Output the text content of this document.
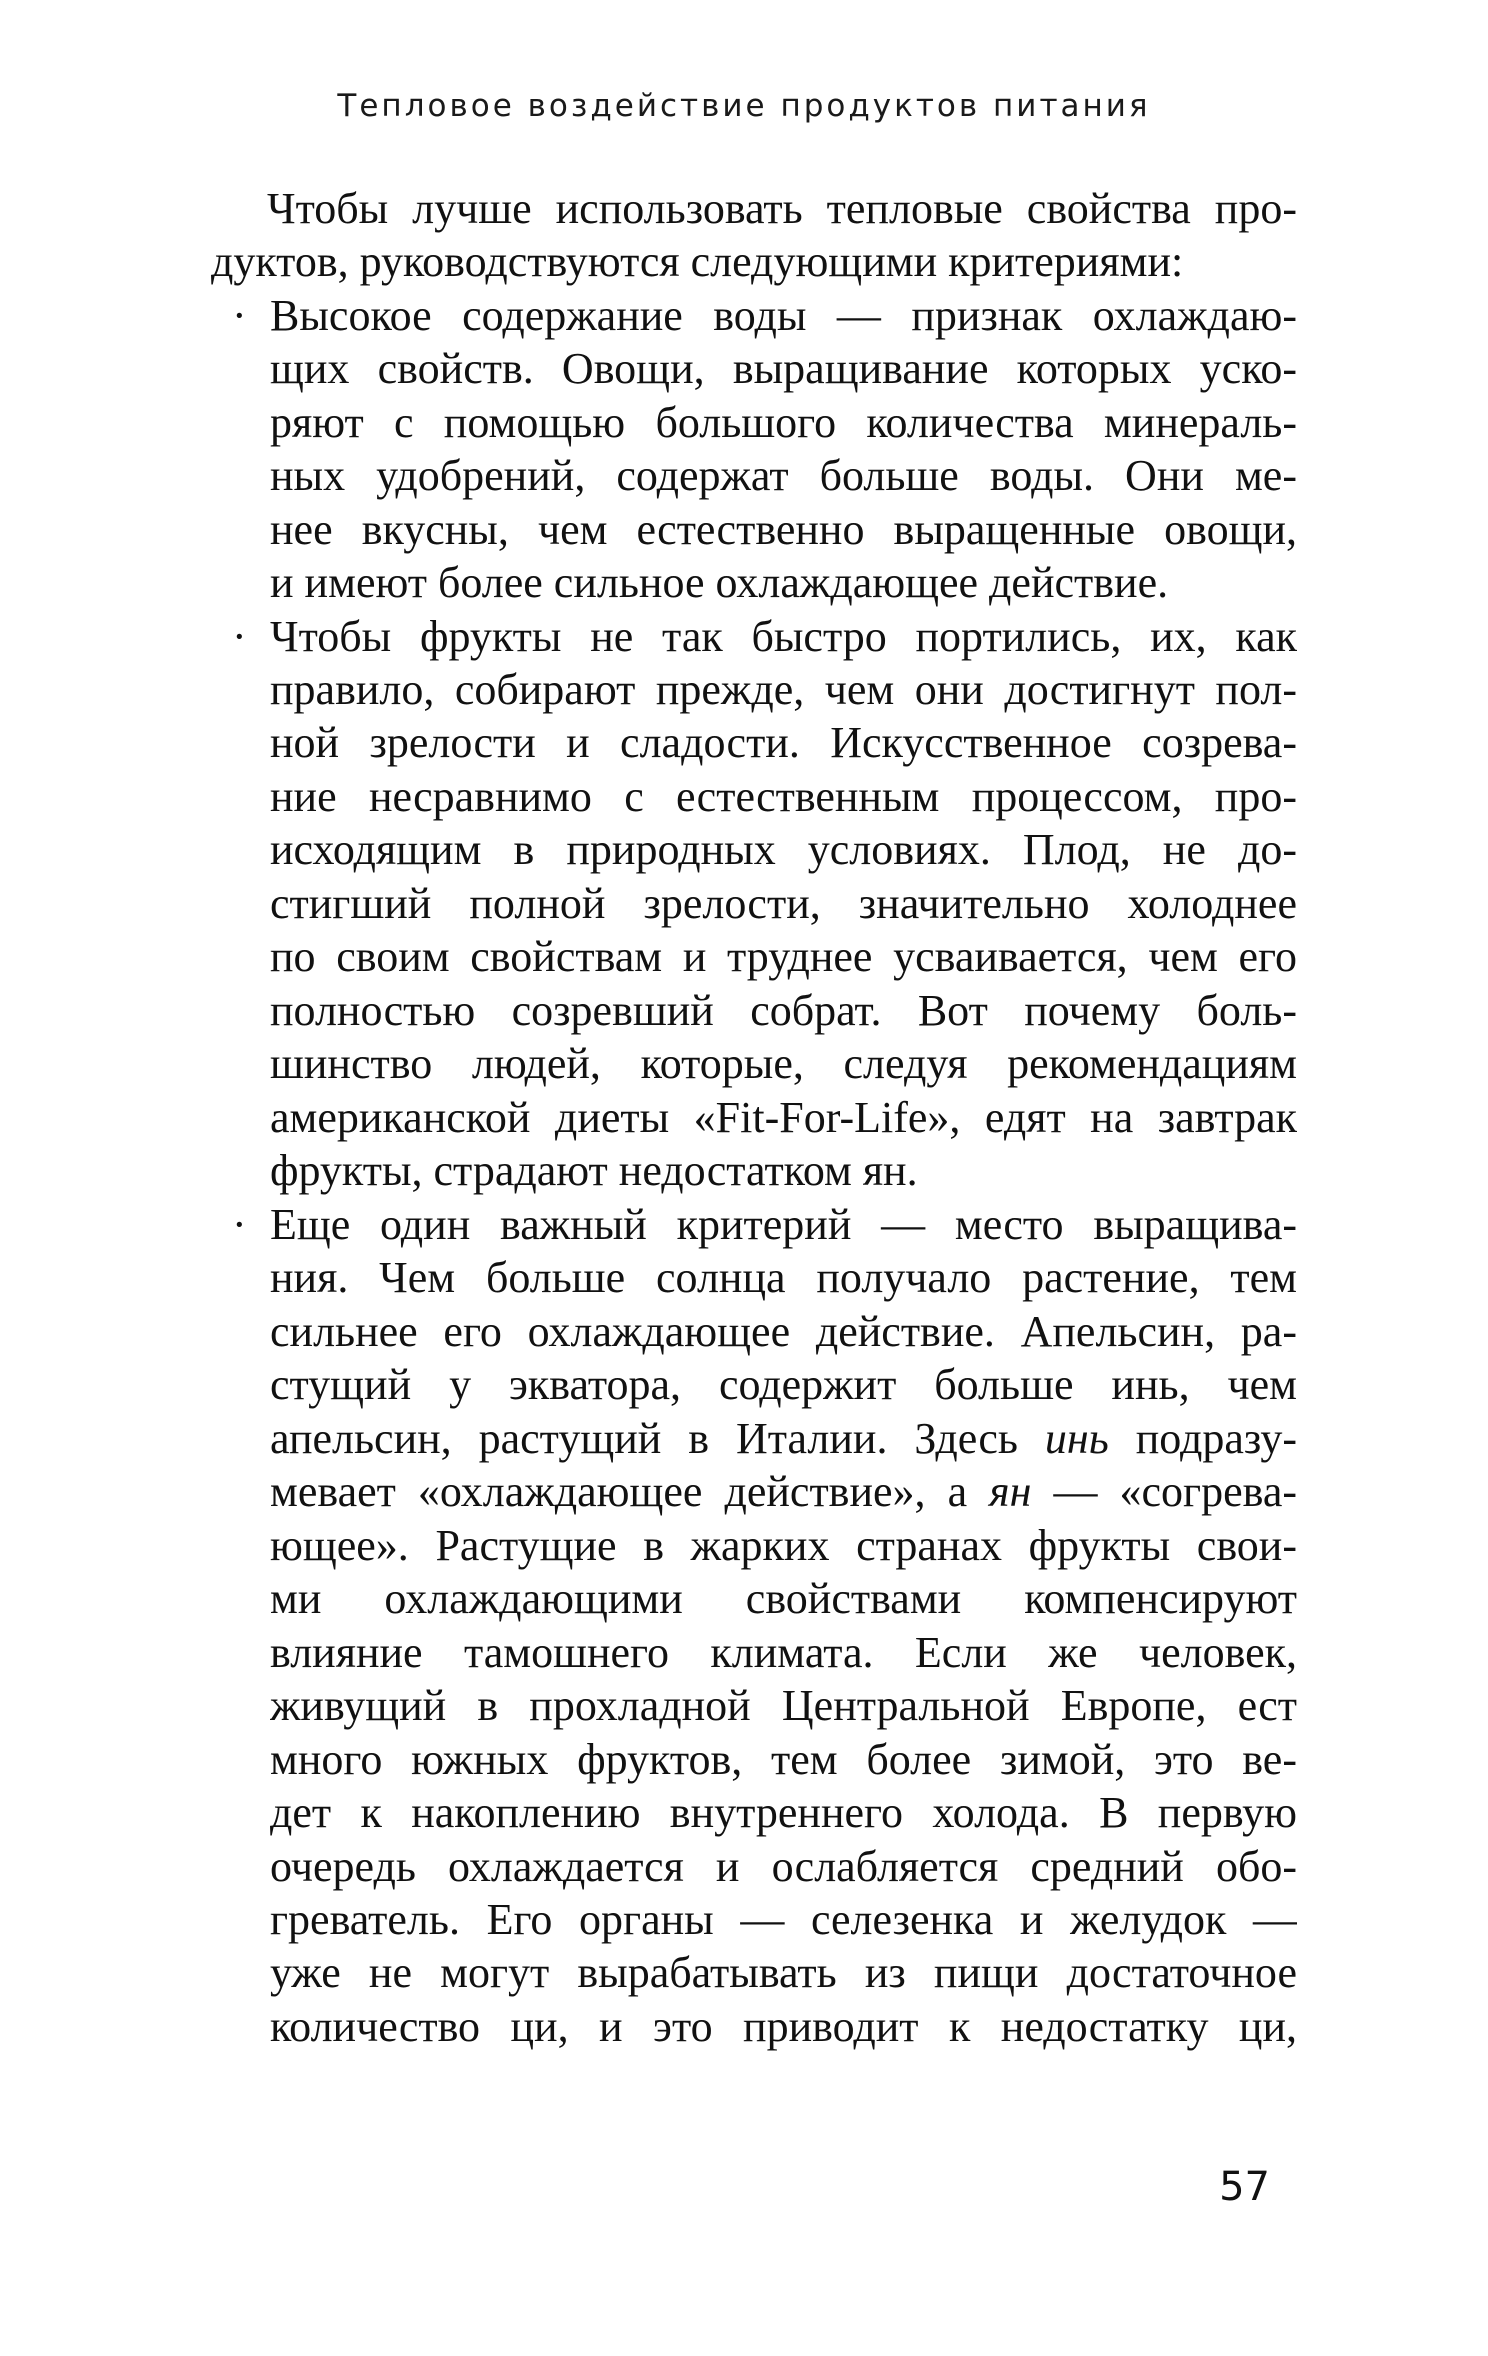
Тепловое воздействие продуктов питания
Чтобы лучше использовать тепловые свойства про-
дуктов, руководствуются следующими критериями:
· Высокое содержание воды — признак охлаждаю-
щих свойств. Овощи, выращивание которых уско-
ряют с помощью большого количества минераль-
ных удобрений, содержат больше воды. Они ме-
нее вкусны, чем естественно выращенные овощи,
и имеют более сильное охлаждающее действие.
· Чтобы фрукты не так быстро портились, их, как
правило, собирают прежде, чем они достигнут пол-
ной зрелости и сладости. Искусственное созрева-
ние несравнимо с естественным процессом, про-
исходящим в природных условиях. Плод, не до-
стигший полной зрелости, значительно холоднее
по своим свойствам и труднее усваивается, чем его
полностью созревший собрат. Вот почему боль-
шинство людей, которые, следуя рекомендациям
американской диеты «Fit-For-Life», едят на завтрак
фрукты, страдают недостатком ян.
· Еще один важный критерий — место выращива-
ния. Чем больше солнца получало растение, тем
сильнее его охлаждающее действие. Апельсин, ра-
стущий у экватора, содержит больше инь, чем
апельсин, растущий в Италии. Здесь инь подразу-
мевает «охлаждающее действие», а ян — «согрева-
ющее». Растущие в жарких странах фрукты свои-
ми охлаждающими свойствами компенсируют
влияние тамошнего климата. Если же человек,
живущий в прохладной Центральной Европе, ест
много южных фруктов, тем более зимой, это ве-
дет к накоплению внутреннего холода. В первую
очередь охлаждается и ослабляется средний обо-
греватель. Его органы — селезенка и желудок —
уже не могут вырабатывать из пищи достаточное
количество ци, и это приводит к недостатку ци,
57
